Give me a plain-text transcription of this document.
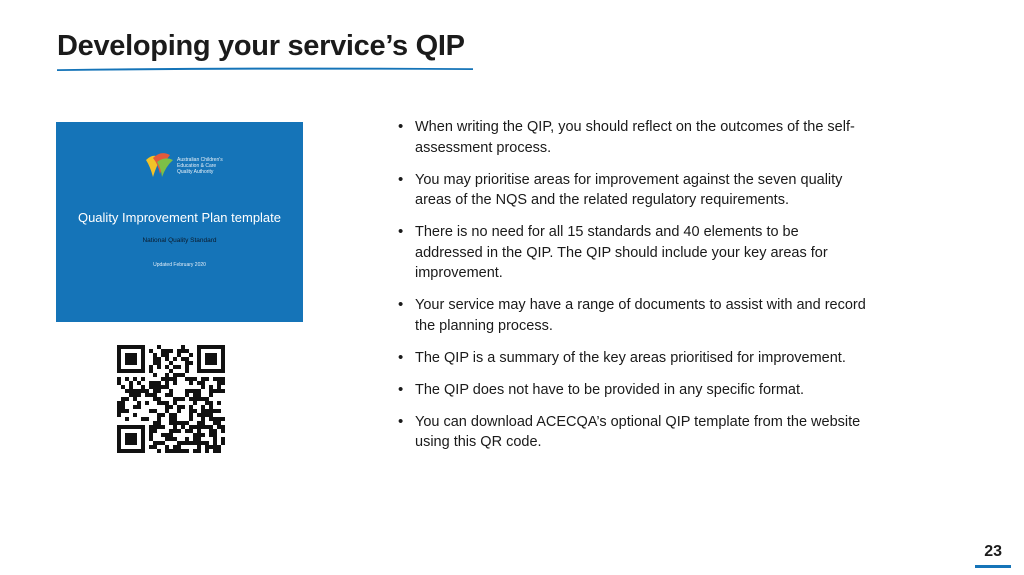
Developing your service’s QIP
Australian Children's
Education & Care
Quality Authority
Quality Improvement Plan template
National Quality Standard
Updated February 2020
• When writing the QIP, you should reflect on the outcomes of the self-assessment process.
• You may prioritise areas for improvement against the seven quality areas of the NQS and the related regulatory requirements.
• There is no need for all 15 standards and 40 elements to be addressed in the QIP. The QIP should include your key areas for improvement.
• Your service may have a range of documents to assist with and record the planning process.
• The QIP is a summary of the key areas prioritised for improvement.
• The QIP does not have to be provided in any specific format.
• You can download ACECQA’s optional QIP template from the website using this QR code.
23
